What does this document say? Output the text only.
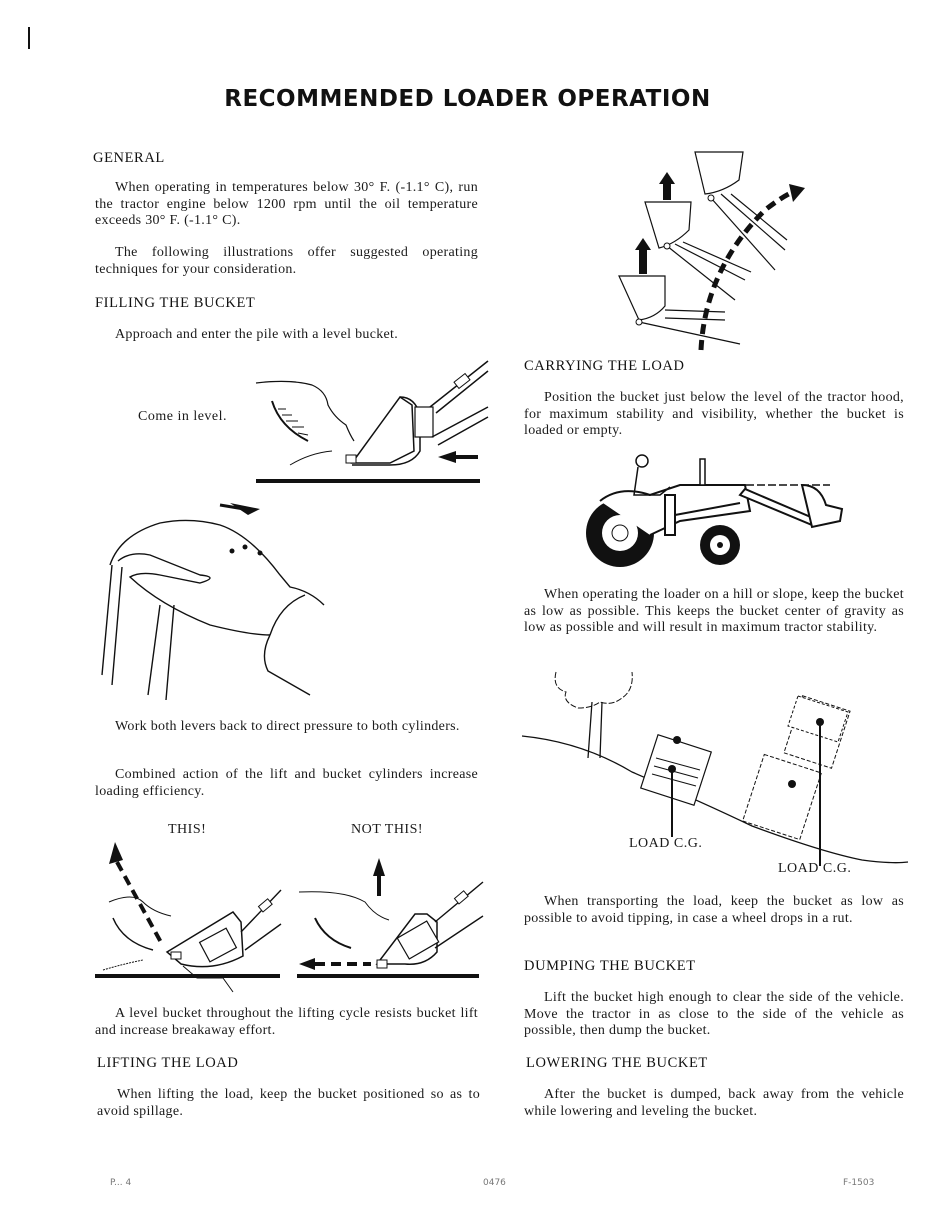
RECOMMENDED LOADER OPERATION
GENERAL
When operating in temperatures below 30° F. (-1.1° C), run the tractor engine below 1200 rpm until the oil temperature exceeds 30° F. (-1.1° C).
The following illustrations offer suggested operating techniques for your consideration.
FILLING THE BUCKET
Approach and enter the pile with a level bucket.
Come in level.
Work both levers back to direct pressure to both cylinders.
Combined action of the lift and bucket cylinders increase loading efficiency.
THIS!	NOT THIS!
A level bucket throughout the lifting cycle resists bucket lift and increase breakaway effort.
LIFTING THE LOAD
When lifting the load, keep the bucket positioned so as to avoid spillage.
CARRYING THE LOAD
Position the bucket just below the level of the tractor hood, for maximum stability and visibility, whether the bucket is loaded or empty.
When operating the loader on a hill or slope, keep the bucket as low as possible. This keeps the bucket center of gravity as low as possible and will result in maximum tractor stability.
LOAD C.G.
LOAD C.G.
When transporting the load, keep the bucket as low as possible to avoid tipping, in case a wheel drops in a rut.
DUMPING THE BUCKET
Lift the bucket high enough to clear the side of the vehicle. Move the tractor in as close to the side of the vehicle as possible, then dump the bucket.
LOWERING THE BUCKET
After the bucket is dumped, back away from the vehicle while lowering and leveling the bucket.
P... 4	0476	F-1503
